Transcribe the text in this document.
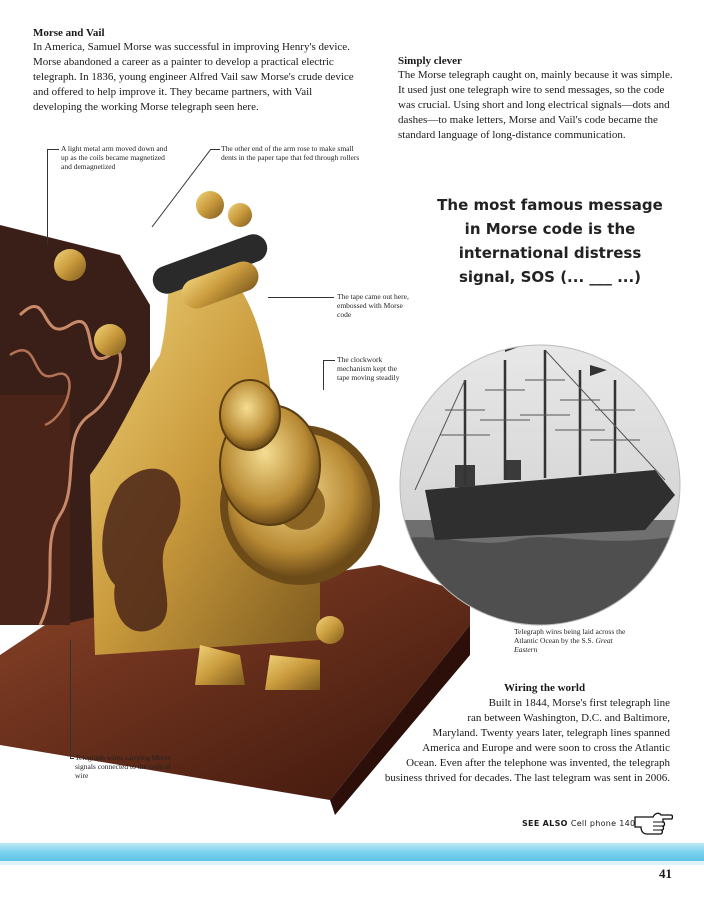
Morse and Vail
In America, Samuel Morse was successful in improving Henry's device. Morse abandoned a career as a painter to develop a practical electric telegraph. In 1836, young engineer Alfred Vail saw Morse's crude device and offered to help improve it. They became partners, with Vail developing the working Morse telegraph seen here.
Simply clever
The Morse telegraph caught on, mainly because it was simple. It used just one telegraph wire to send messages, so the code was crucial. Using short and long electrical signals—dots and dashes—to make letters, Morse and Vail's code became the standard language of long-distance communication.
The most famous message
in Morse code is the
international distress
signal, SOS (... ___ ...)
A light metal arm moved down and up as the coils became magnetized and demagnetized
The other end of the arm rose to make small dents in the paper tape that fed through rollers
The tape came out here, embossed with Morse code
The clockwork mechanism kept the tape moving steadily
Telegraph wires carrying Morse signals connected to the coils of wire
Telegraph wires being laid across the Atlantic Ocean by the S.S. Great Eastern
Wiring the world
Built in 1844, Morse's first telegraph line
ran between Washington, D.C. and Baltimore,
Maryland. Twenty years later, telegraph lines spanned
America and Europe and were soon to cross the Atlantic
Ocean. Even after the telephone was invented, the telegraph
business thrived for decades. The last telegram was sent in 2006.
SEE ALSO Cell phone 140
41
